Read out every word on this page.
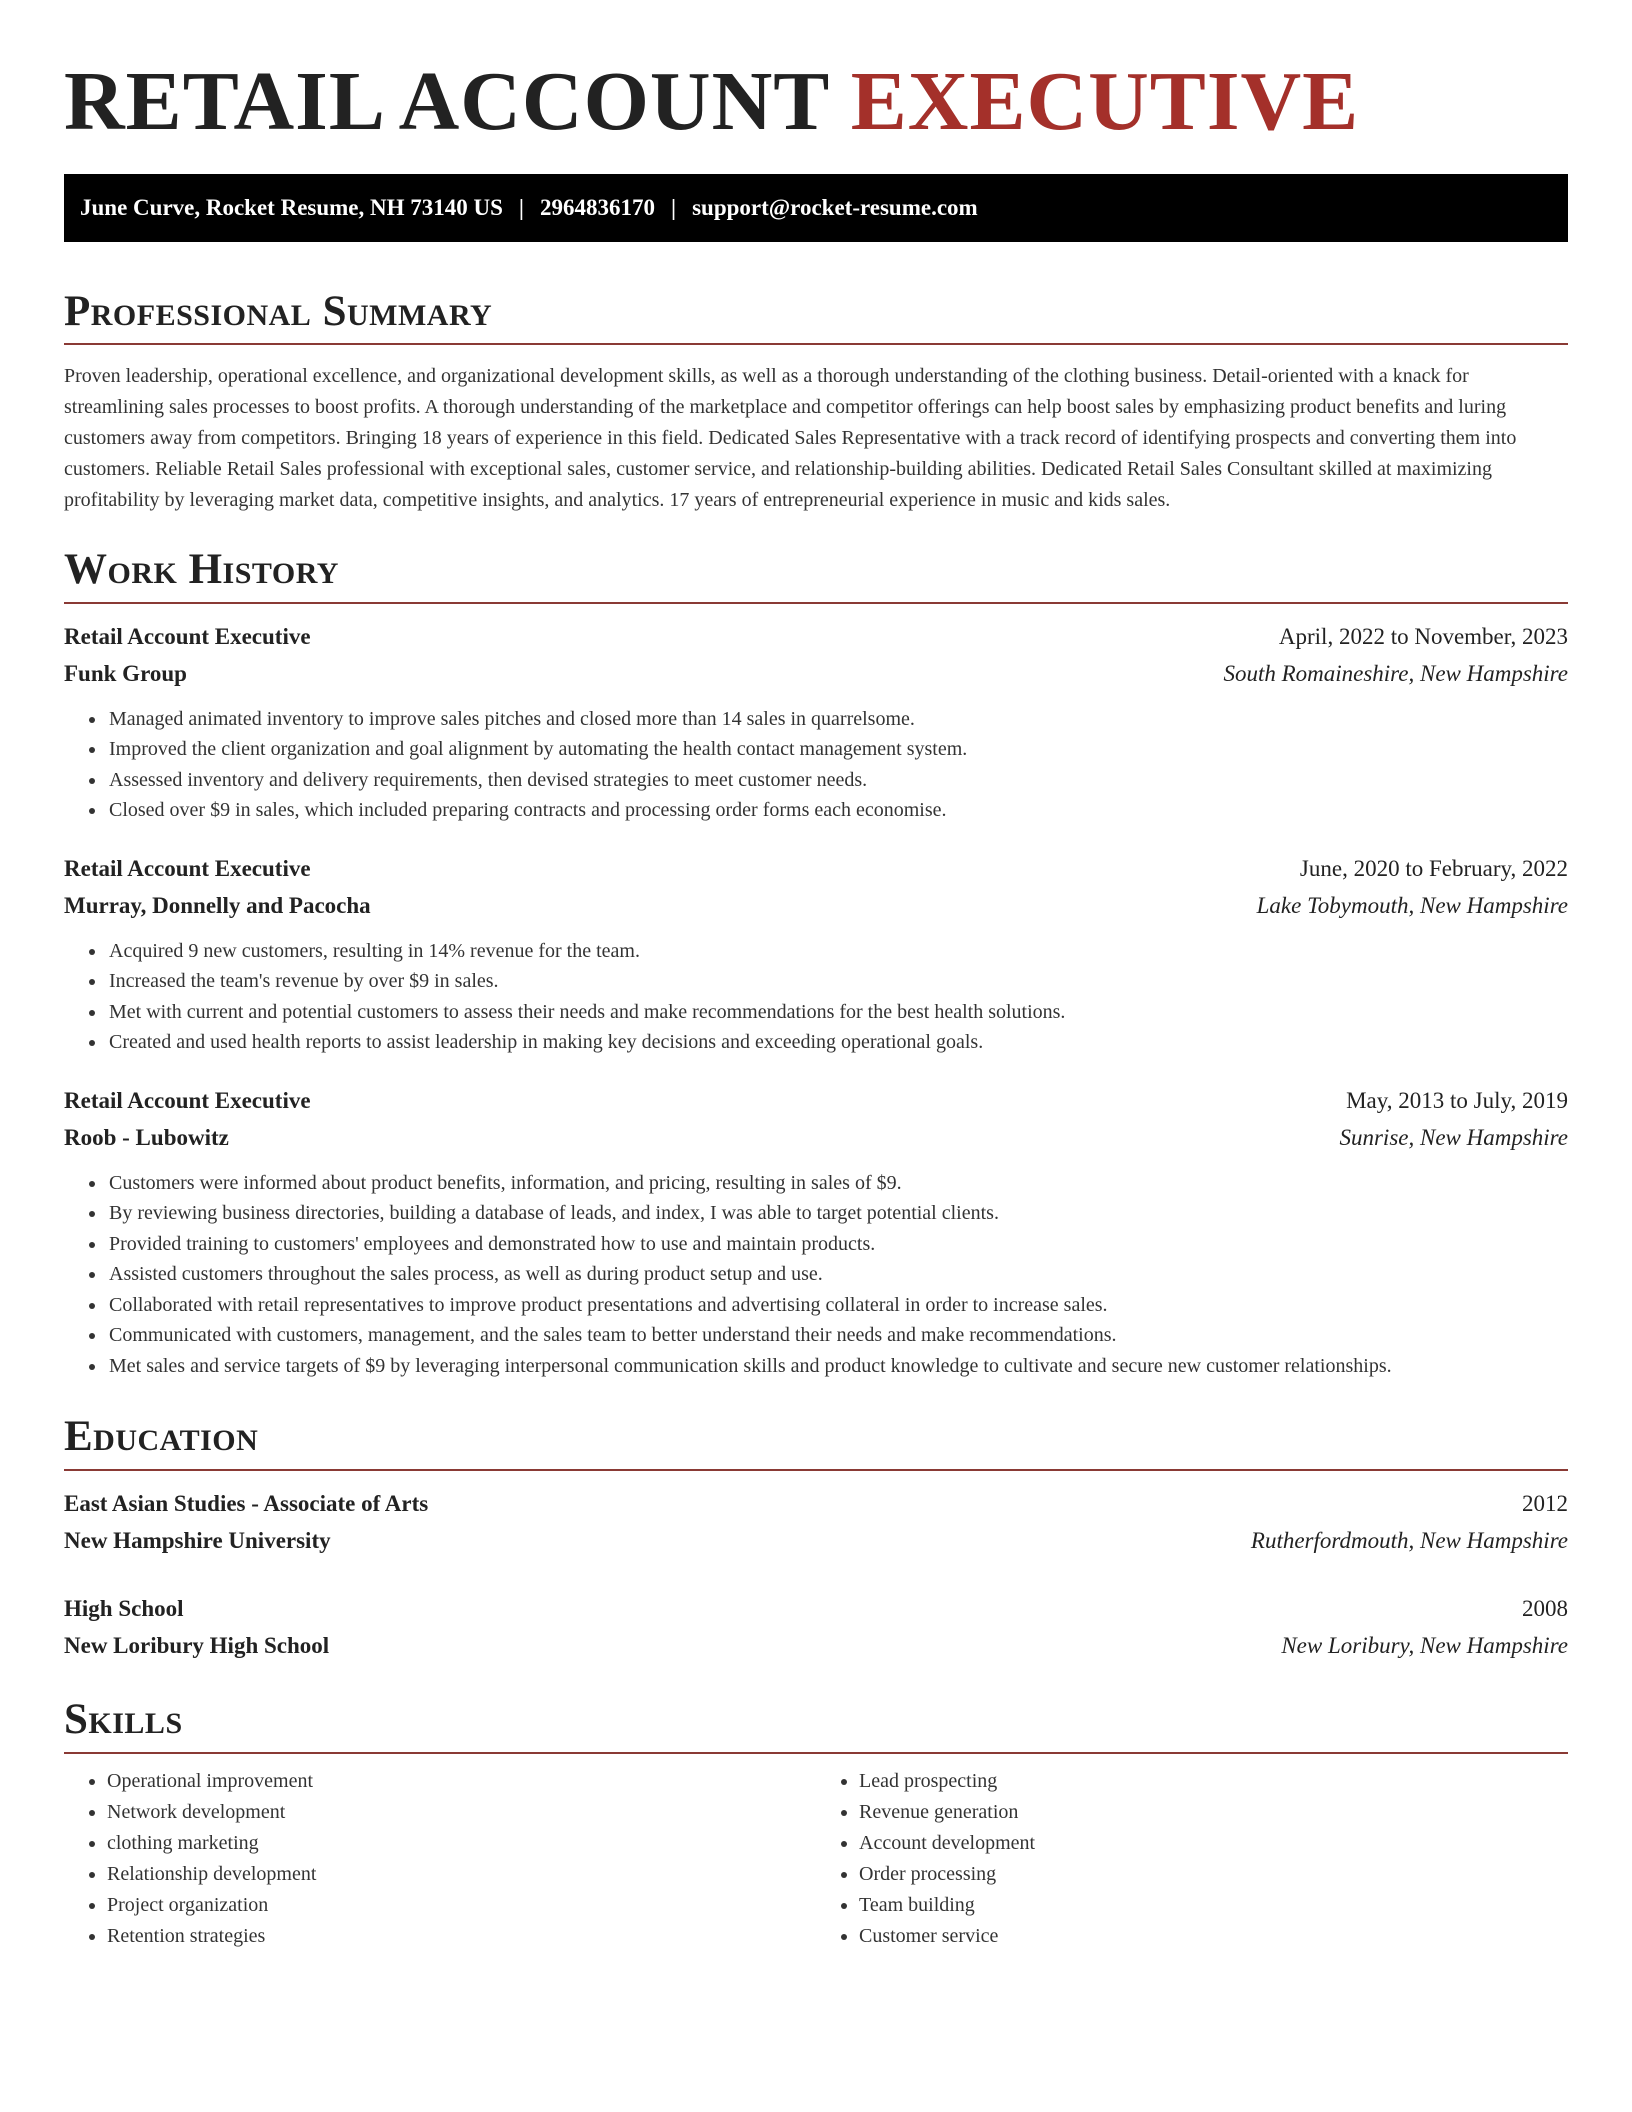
RETAIL ACCOUNT EXECUTIVE
June Curve, Rocket Resume, NH 73140 US | 2964836170 | support@rocket-resume.com
Professional Summary

Proven leadership, operational excellence, and organizational development skills, as well as a thorough understanding of the clothing business. Detail-oriented with a knack for streamlining sales processes to boost profits. A thorough understanding of the marketplace and competitor offerings can help boost sales by emphasizing product benefits and luring customers away from competitors. Bringing 18 years of experience in this field. Dedicated Sales Representative with a track record of identifying prospects and converting them into customers. Reliable Retail Sales professional with exceptional sales, customer service, and relationship-building abilities. Dedicated Retail Sales Consultant skilled at maximizing profitability by leveraging market data, competitive insights, and analytics. 17 years of entrepreneurial experience in music and kids sales.

Work History
Retail Account Executive	April, 2022 to November, 2023
Funk Group	South Romaineshire, New Hampshire
• Managed animated inventory to improve sales pitches and closed more than 14 sales in quarrelsome.
• Improved the client organization and goal alignment by automating the health contact management system.
• Assessed inventory and delivery requirements, then devised strategies to meet customer needs.
• Closed over $9 in sales, which included preparing contracts and processing order forms each economise.
Retail Account Executive	June, 2020 to February, 2022
Murray, Donnelly and Pacocha	Lake Tobymouth, New Hampshire
• Acquired 9 new customers, resulting in 14% revenue for the team.
• Increased the team's revenue by over $9 in sales.
• Met with current and potential customers to assess their needs and make recommendations for the best health solutions.
• Created and used health reports to assist leadership in making key decisions and exceeding operational goals.
Retail Account Executive	May, 2013 to July, 2019
Roob - Lubowitz	Sunrise, New Hampshire
• Customers were informed about product benefits, information, and pricing, resulting in sales of $9.
• By reviewing business directories, building a database of leads, and index, I was able to target potential clients.
• Provided training to customers' employees and demonstrated how to use and maintain products.
• Assisted customers throughout the sales process, as well as during product setup and use.
• Collaborated with retail representatives to improve product presentations and advertising collateral in order to increase sales.
• Communicated with customers, management, and the sales team to better understand their needs and make recommendations.
• Met sales and service targets of $9 by leveraging interpersonal communication skills and product knowledge to cultivate and secure new customer relationships.
Education
East Asian Studies - Associate of Arts	2012
New Hampshire University	Rutherfordmouth, New Hampshire
High School	2008
New Loribury High School	New Loribury, New Hampshire
Skills
• Operational improvement
• Network development
• clothing marketing
• Relationship development
• Project organization
• Retention strategies
• Lead prospecting
• Revenue generation
• Account development
• Order processing
• Team building
• Customer service
